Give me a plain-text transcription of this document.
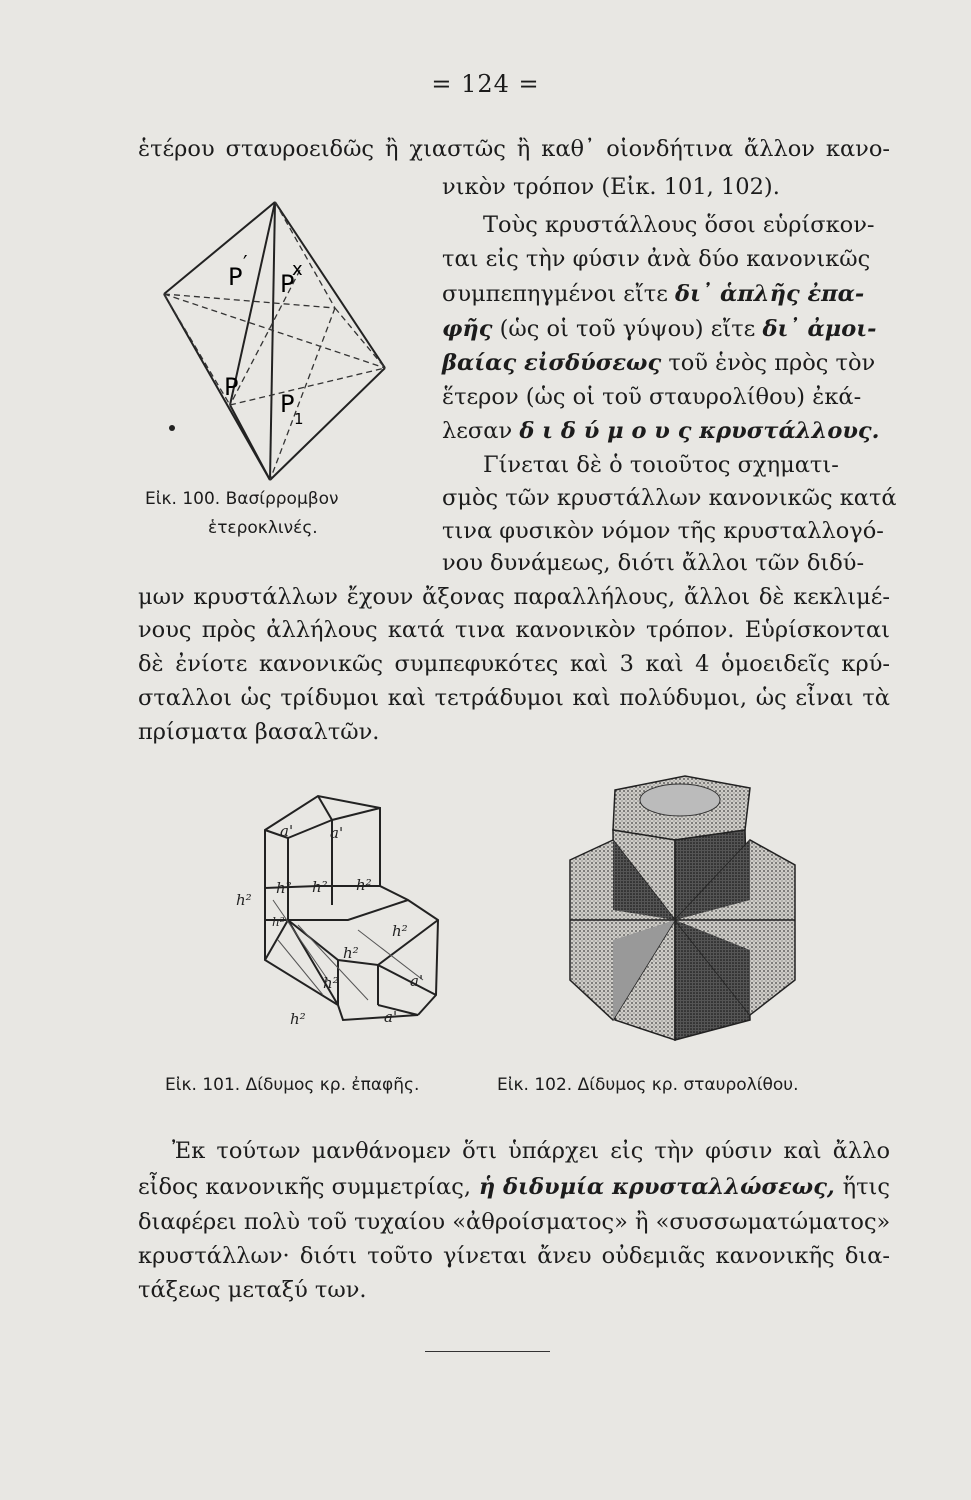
= 124 =
ἑτέρου σταυροειδῶς ἢ χιαστῶς ἢ καθ᾽ οἱονδήτινα ἄλλον κανο-
νικὸν τρόπον (Εἰκ. 101, 102).
Τοὺς κρυστάλλους ὅσοι εὑρίσκον-
ται εἰς τὴν φύσιν ἀνὰ δύο κανονικῶς
συμπεπηγμένοι εἴτε δι᾽ ἁπλῆς ἐπα-
φῆς (ὡς οἱ τοῦ γύψου) εἴτε δι᾽ ἀμοι-
βαίας εἰσδύσεως τοῦ ἑνὸς πρὸς τὸν
ἕτερον (ὡς οἱ τοῦ σταυρολίθου) ἐκά-
λεσαν δ ι δ ύ μ ο υ ς κρυστάλλους.
P ′
P
x
P
P
1
Εἰκ. 100. Βασίρρομβον
ἑτεροκλινές.
Γίνεται δὲ ὁ τοιοῦτος σχηματι-
σμὸς τῶν κρυστάλλων κανονικῶς κατά
τινα φυσικὸν νόμον τῆς κρυσταλλογό-
νου δυνάμεως, διότι ἄλλοι τῶν διδύ-
μων κρυστάλλων ἔχουν ἄξονας παραλλήλους, ἄλλοι δὲ κεκλιμέ-
νους πρὸς ἀλλήλους κατά τινα κανονικὸν τρόπον. Εὑρίσκονται
δὲ ἐνίοτε κανονικῶς συμπεφυκότες καὶ 3 καὶ 4 ὁμοειδεῖς κρύ-
σταλλοι ὡς τρίδυμοι καὶ τετράδυμοι καὶ πολύδυμοι, ὡς εἶναι τὰ
πρίσματα βασαλτῶν.
a' a'
h² h² h²
h²
h²
h²
h²
h²
a'
a'
h²
Εἰκ. 101. Δίδυμος κρ. ἐπαφῆς.	Εἰκ. 102. Δίδυμος κρ. σταυρολίθου.
Ἐκ τούτων μανθάνομεν ὅτι ὑπάρχει εἰς τὴν φύσιν καὶ ἄλλο
εἶδος κανονικῆς συμμετρίας, ἡ διδυμία κρυσταλλώσεως, ἥτις
διαφέρει πολὺ τοῦ τυχαίου «ἀθροίσματος» ἢ «συσσωματώματος»
κρυστάλλων· διότι τοῦτο γίνεται ἄνευ οὐδεμιᾶς κανονικῆς δια-
τάξεως μεταξύ των.
